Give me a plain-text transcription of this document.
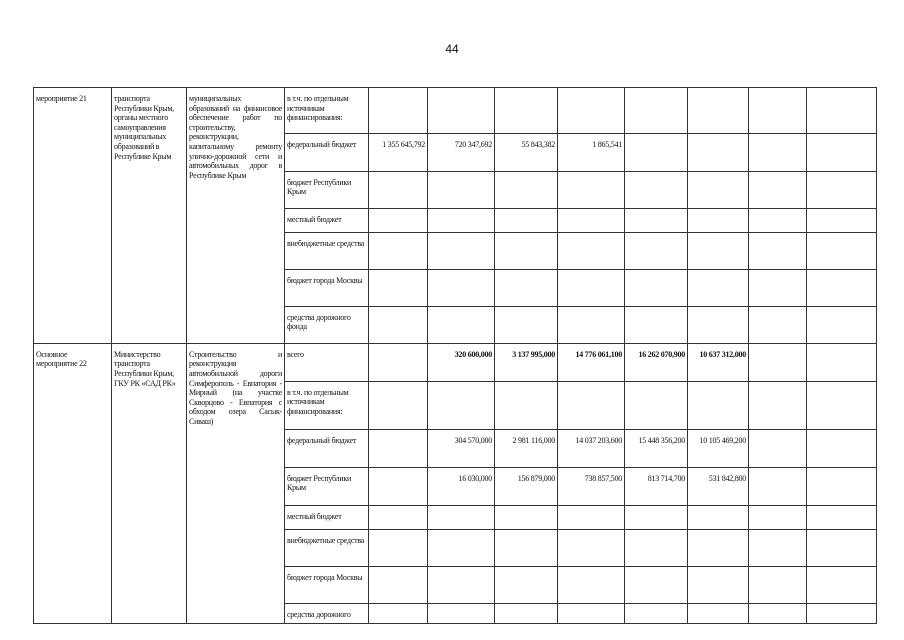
44
мероприятие 21	транспорта Республики Крым, органы местного самоуправления муниципальных образований в Республике Крым	муниципальных образований на финансовое обеспечение работ по строительству, реконструкции, капитальному ремонту улично-дорожной сети и автомобильных дорог в Республике Крым	в т.ч. по отдельным источникам финансирования:									
			федеральный бюджет	1 355 645,792	720 347,692	55 843,382	1 865,541					
			бюджет Республики Крым									
			местный бюджет									
			внебюджетные средства									
			бюджет города Москвы									
			средства дорожного фонда									
Основное мероприятие 22	Министерство транспорта Республики Крым, ГКУ РК «САД РК»	Строительство и реконструкция автомобильной дороги Симферополь - Евпатория - Мирный (на участке Скворцово - Евпатория с обходом озера Сасык-Сиваш)	всего		320 600,000	3 137 995,000	14 776 061,100	16 262 070,900	10 637 312,000			
			в т.ч. по отдельным источникам финансирования:									
			федеральный бюджет		304 570,000	2 981 116,000	14 037 203,600	15 448 356,200	10 105 469,200			
			бюджет Республики Крым		16 030,000	156 879,000	738 857,500	813 714,700	531 842,800			
			местный бюджет									
			внебюджетные средства									
			бюджет города Москвы									
			средства дорожного									
